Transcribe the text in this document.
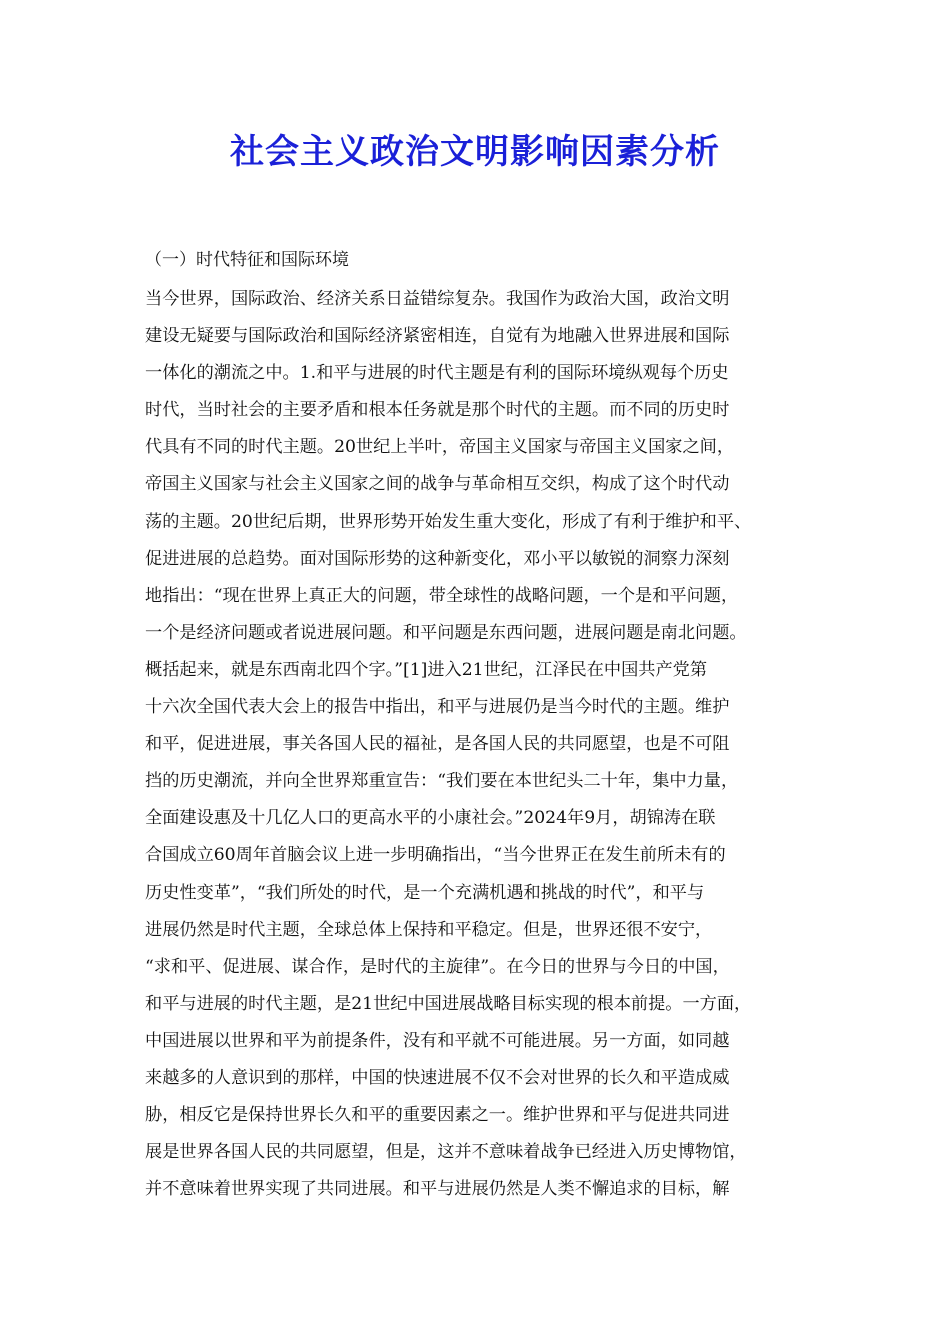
社会主义政治文明影响因素分析

（一）时代特征和国际环境

当今世界，国际政治、经济关系日益错综复杂。我国作为政治大国，政治文明
建设无疑要与国际政治和国际经济紧密相连，自觉有为地融入世界进展和国际
一体化的潮流之中。1.和平与进展的时代主题是有利的国际环境纵观每个历史
时代，当时社会的主要矛盾和根本任务就是那个时代的主题。而不同的历史时
代具有不同的时代主题。20世纪上半叶，帝国主义国家与帝国主义国家之间，
帝国主义国家与社会主义国家之间的战争与革命相互交织，构成了这个时代动
荡的主题。20世纪后期，世界形势开始发生重大变化，形成了有利于维护和平、
促进进展的总趋势。面对国际形势的这种新变化，邓小平以敏锐的洞察力深刻
地指出：“现在世界上真正大的问题，带全球性的战略问题，一个是和平问题，
一个是经济问题或者说进展问题。和平问题是东西问题，进展问题是南北问题。
概括起来，就是东西南北四个字。”[1]进入21世纪，江泽民在中国共产党第
十六次全国代表大会上的报告中指出，和平与进展仍是当今时代的主题。维护
和平，促进进展，事关各国人民的福祉，是各国人民的共同愿望，也是不可阻
挡的历史潮流，并向全世界郑重宣告：“我们要在本世纪头二十年，集中力量，
全面建设惠及十几亿人口的更高水平的小康社会。”2024年9月，胡锦涛在联
合国成立60周年首脑会议上进一步明确指出，“当今世界正在发生前所未有的
历史性变革”，“我们所处的时代，是一个充满机遇和挑战的时代”，和平与
进展仍然是时代主题，全球总体上保持和平稳定。但是，世界还很不安宁，
“求和平、促进展、谋合作，是时代的主旋律”。在今日的世界与今日的中国，
和平与进展的时代主题，是21世纪中国进展战略目标实现的根本前提。一方面，
中国进展以世界和平为前提条件，没有和平就不可能进展。另一方面，如同越
来越多的人意识到的那样，中国的快速进展不仅不会对世界的长久和平造成威
胁，相反它是保持世界长久和平的重要因素之一。维护世界和平与促进共同进
展是世界各国人民的共同愿望，但是，这并不意味着战争已经进入历史博物馆，
并不意味着世界实现了共同进展。和平与进展仍然是人类不懈追求的目标，解
